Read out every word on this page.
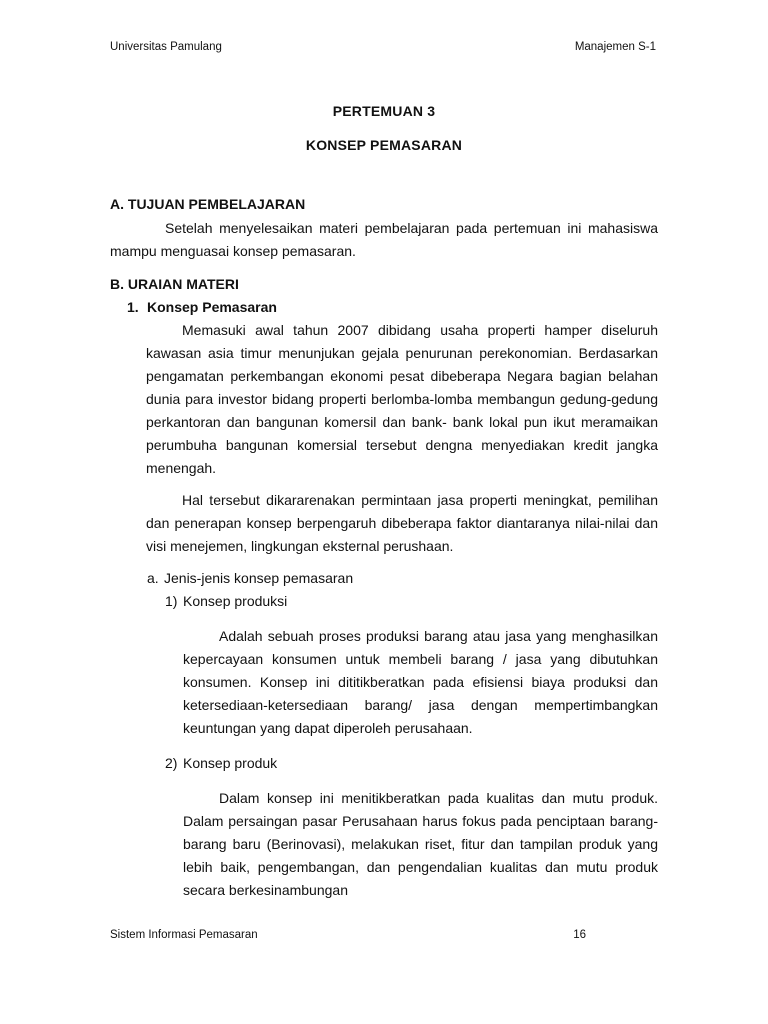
Universitas Pamulang	Manajemen S-1
PERTEMUAN 3
KONSEP PEMASARAN

A. TUJUAN PEMBELAJARAN

Setelah menyelesaikan materi pembelajaran pada pertemuan ini mahasiswa mampu menguasai konsep pemasaran.

B. URAIAN MATERI

1. Konsep Pemasaran

Memasuki awal tahun 2007 dibidang usaha properti hamper diseluruh kawasan asia timur menunjukan gejala penurunan perekonomian. Berdasarkan pengamatan perkembangan ekonomi pesat dibeberapa Negara bagian belahan dunia para investor bidang properti berlomba-lomba membangun gedung-gedung perkantoran dan bangunan komersil dan bank- bank lokal pun ikut meramaikan perumbuha bangunan komersial tersebut dengna menyediakan kredit jangka menengah.

Hal tersebut dikararenakan permintaan jasa properti meningkat, pemilihan dan penerapan konsep berpengaruh dibeberapa faktor diantaranya nilai-nilai dan visi menejemen, lingkungan eksternal perushaan.

a. Jenis-jenis konsep pemasaran
1) Konsep produksi

Adalah sebuah proses produksi barang atau jasa yang menghasilkan kepercayaan konsumen untuk membeli barang / jasa yang dibutuhkan konsumen. Konsep ini dititikberatkan pada efisiensi biaya produksi dan ketersediaan-ketersediaan barang/ jasa dengan mempertimbangkan keuntungan yang dapat diperoleh perusahaan.

2) Konsep produk

Dalam konsep ini menitikberatkan pada kualitas dan mutu produk. Dalam persaingan pasar Perusahaan harus fokus pada penciptaan barang-barang baru (Berinovasi), melakukan riset, fitur dan tampilan produk yang lebih baik, pengembangan, dan pengendalian kualitas dan mutu produk secara berkesinambungan

Sistem Informasi Pemasaran	16
